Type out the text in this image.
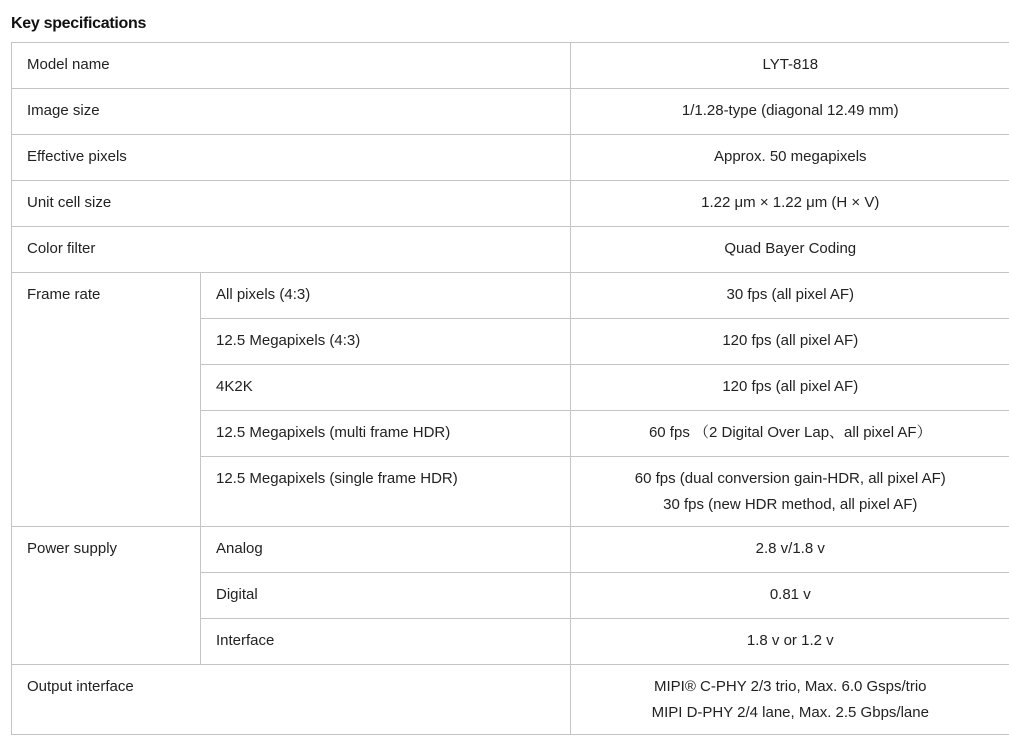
Key specifications
Model name		LYT-818
Image size		1/1.28-type (diagonal 12.49 mm)
Effective pixels		Approx. 50 megapixels
Unit cell size		1.22 μm × 1.22 μm (H × V)
Color filter		Quad Bayer Coding
Frame rate	All pixels (4:3)	30 fps (all pixel AF)
	12.5 Megapixels (4:3)	120 fps (all pixel AF)
	4K2K	120 fps (all pixel AF)
	12.5 Megapixels (multi frame HDR)	60 fps （2 Digital Over Lap、all pixel AF）
	12.5 Megapixels (single frame HDR)	60 fps (dual conversion gain-HDR, all pixel AF)
30 fps (new HDR method, all pixel AF)

Power supply	Analog	2.8 v/1.8 v
	Digital	0.81 v
	Interface	1.8 v or 1.2 v
Output interface		MIPI® C-PHY 2/3 trio, Max. 6.0 Gsps/trio
MIPI D-PHY 2/4 lane, Max. 2.5 Gbps/lane
